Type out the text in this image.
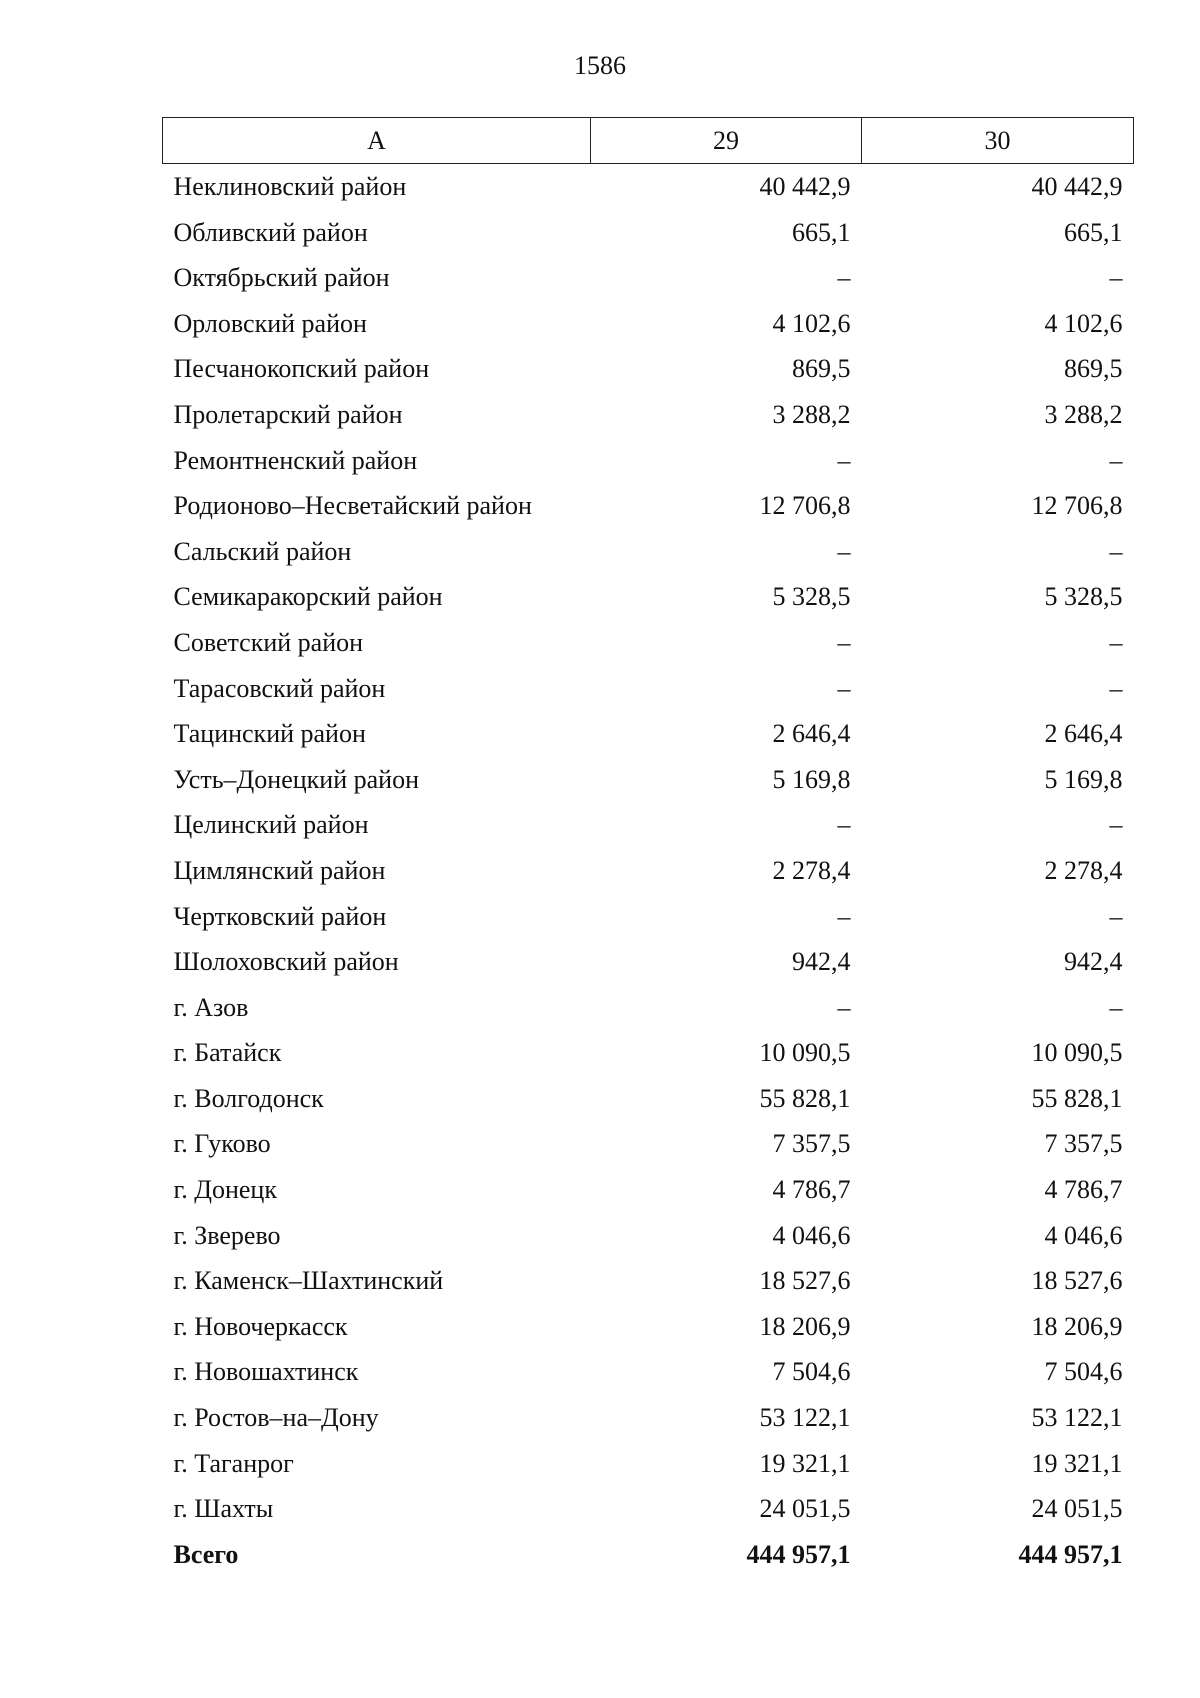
1586
А	29	30
Неклиновский район	40 442,9	40 442,9
Обливский район	665,1	665,1
Октябрьский район	–	–
Орловский район	4 102,6	4 102,6
Песчанокопский район	869,5	869,5
Пролетарский район	3 288,2	3 288,2
Ремонтненский район	–	–
Родионово–Несветайский район	12 706,8	12 706,8
Сальский район	–	–
Семикаракорский район	5 328,5	5 328,5
Советский район	–	–
Тарасовский район	–	–
Тацинский район	2 646,4	2 646,4
Усть–Донецкий район	5 169,8	5 169,8
Целинский район	–	–
Цимлянский район	2 278,4	2 278,4
Чертковский район	–	–
Шолоховский район	942,4	942,4
г. Азов	–	–
г. Батайск	10 090,5	10 090,5
г. Волгодонск	55 828,1	55 828,1
г. Гуково	7 357,5	7 357,5
г. Донецк	4 786,7	4 786,7
г. Зверево	4 046,6	4 046,6
г. Каменск–Шахтинский	18 527,6	18 527,6
г. Новочеркасск	18 206,9	18 206,9
г. Новошахтинск	7 504,6	7 504,6
г. Ростов–на–Дону	53 122,1	53 122,1
г. Таганрог	19 321,1	19 321,1
г. Шахты	24 051,5	24 051,5
Всего	444 957,1	444 957,1
